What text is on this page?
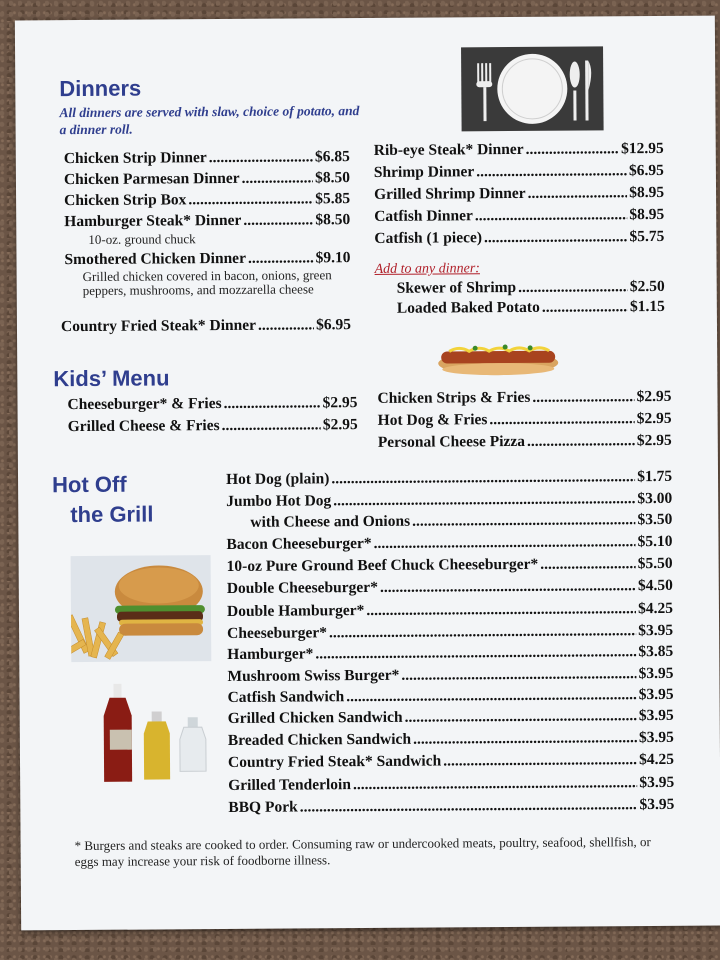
Dinners
All dinners are served with slaw, choice of potato, and a dinner roll.
Chicken Strip Dinner .....	$6.85
Chicken Parmesan Dinner .....	$8.50
Chicken Strip Box .....	$5.85
Hamburger Steak* Dinner .....	$8.50
10-oz. ground chuck
Smothered Chicken Dinner .....	$9.10
Grilled chicken covered in bacon, onions, green peppers, mushrooms, and mozzarella cheese
Country Fried Steak* Dinner .....	$6.95
Rib-eye Steak* Dinner .....	$12.95
Shrimp Dinner .....	$6.95
Grilled Shrimp Dinner .....	$8.95
Catfish Dinner .....	$8.95
Catfish (1 piece) .....	$5.75
Add to any dinner:
Skewer of Shrimp .....	$2.50
Loaded Baked Potato .....	$1.15
Kids’ Menu
Cheeseburger* & Fries .....	$2.95
Grilled Cheese & Fries .....	$2.95
Chicken Strips & Fries .....	$2.95
Hot Dog & Fries .....	$2.95
Personal Cheese Pizza .....	$2.95
Hot Off
the Grill
Hot Dog (plain) .....	$1.75
Jumbo Hot Dog .....	$3.00
with Cheese and Onions .....	$3.50
Bacon Cheeseburger* .....	$5.10
10-oz Pure Ground Beef Chuck Cheeseburger* .....	$5.50
Double Cheeseburger* .....	$4.50
Double Hamburger* .....	$4.25
Cheeseburger* .....	$3.95
Hamburger* .....	$3.85
Mushroom Swiss Burger* .....	$3.95
Catfish Sandwich .....	$3.95
Grilled Chicken Sandwich .....	$3.95
Breaded Chicken Sandwich .....	$3.95
Country Fried Steak* Sandwich .....	$4.25
Grilled Tenderloin .....	$3.95
BBQ Pork .....	$3.95
* Burgers and steaks are cooked to order. Consuming raw or undercooked meats, poultry, seafood, shellfish, or eggs may increase your risk of foodborne illness.
